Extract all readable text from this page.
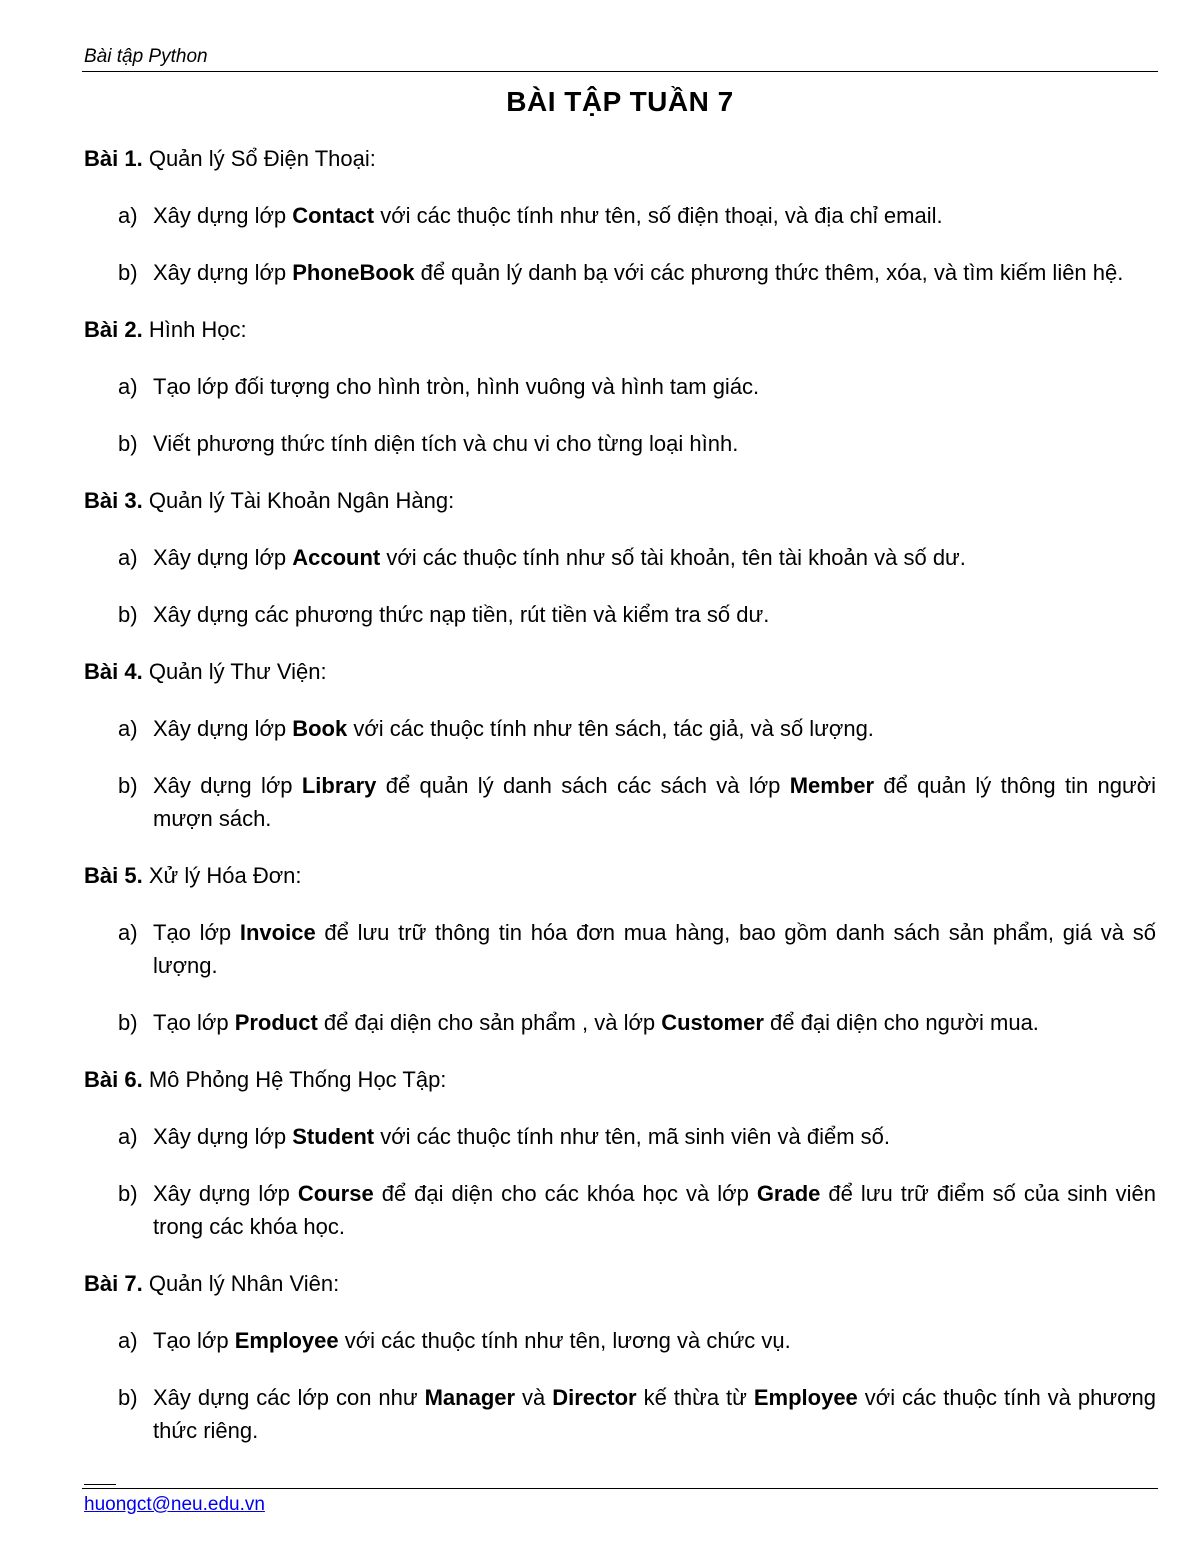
Bài tập Python
BÀI TẬP TUẦN 7
Bài 1. Quản lý Sổ Điện Thoại:
a) Xây dựng lớp Contact với các thuộc tính như tên, số điện thoại, và địa chỉ email.
b) Xây dựng lớp PhoneBook để quản lý danh bạ với các phương thức thêm, xóa, và tìm kiếm liên hệ.
Bài 2. Hình Học:
a) Tạo lớp đối tượng cho hình tròn, hình vuông và hình tam giác.
b) Viết phương thức tính diện tích và chu vi cho từng loại hình.
Bài 3. Quản lý Tài Khoản Ngân Hàng:
a) Xây dựng lớp Account với các thuộc tính như số tài khoản, tên tài khoản và số dư.
b) Xây dựng các phương thức nạp tiền, rút tiền và kiểm tra số dư.
Bài 4. Quản lý Thư Viện:
a) Xây dựng lớp Book với các thuộc tính như tên sách, tác giả, và số lượng.
b) Xây dựng lớp Library để quản lý danh sách các sách và lớp Member để quản lý thông tin người mượn sách.
Bài 5. Xử lý Hóa Đơn:
a) Tạo lớp Invoice để lưu trữ thông tin hóa đơn mua hàng, bao gồm danh sách sản phẩm, giá và số lượng.
b) Tạo lớp Product để đại diện cho sản phẩm , và lớp Customer để đại diện cho người mua.
Bài 6. Mô Phỏng Hệ Thống Học Tập:
a) Xây dựng lớp Student với các thuộc tính như tên, mã sinh viên và điểm số.
b) Xây dựng lớp Course để đại diện cho các khóa học và lớp Grade để lưu trữ điểm số của sinh viên trong các khóa học.
Bài 7. Quản lý Nhân Viên:
a) Tạo lớp Employee với các thuộc tính như tên, lương và chức vụ.
b) Xây dựng các lớp con như Manager và Director kế thừa từ Employee với các thuộc tính và phương thức riêng.
huongct@neu.edu.vn
